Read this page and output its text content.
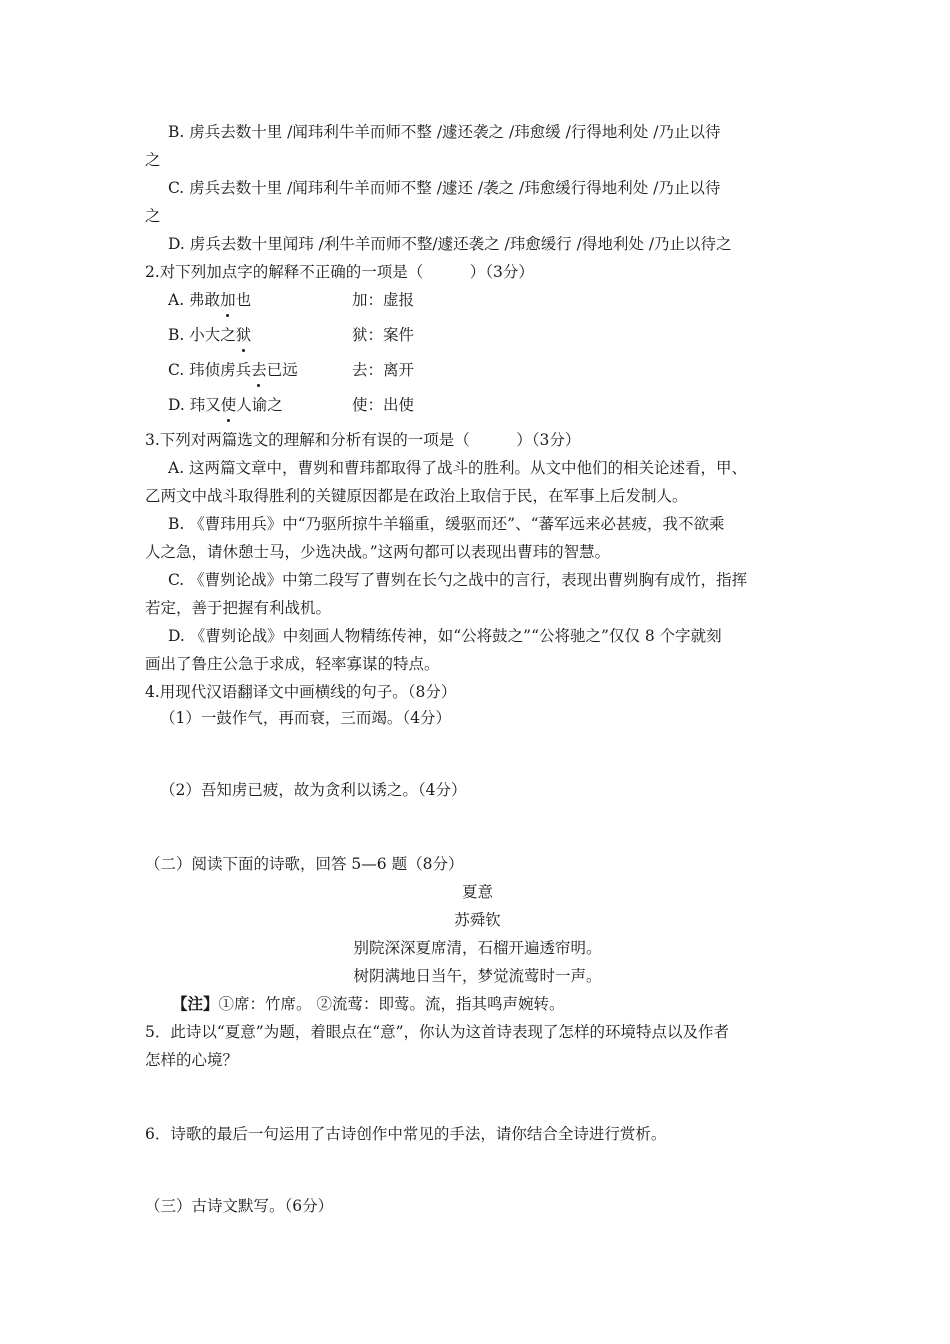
B. 虏兵去数十里 /闻玮利牛羊而师不整 /遽还袭之 /玮愈缓 /行得地利处 /乃止以待
之
C. 虏兵去数十里 /闻玮利牛羊而师不整 /遽还 /袭之 /玮愈缓行得地利处 /乃止以待
之
D. 虏兵去数十里闻玮 /利牛羊而师不整/遽还袭之 /玮愈缓行 /得地利处 /乃止以待之
2.对下列加点字的解释不正确的一项是（　　　）（3分）
A. 弗敢加也	加：虚报
B. 小大之狱	狱：案件
C. 玮侦虏兵去已远	去：离开
D. 玮又使人谕之	使：出使
3.下列对两篇选文的理解和分析有误的一项是（　　　）（3分）
A. 这两篇文章中，曹刿和曹玮都取得了战斗的胜利。从文中他们的相关论述看，甲、
乙两文中战斗取得胜利的关键原因都是在政治上取信于民，在军事上后发制人。
B. 《曹玮用兵》中“乃驱所掠牛羊辎重，缓驱而还”、“蕃军远来必甚疲，我不欲乘
人之急，请休憩士马，少选决战。”这两句都可以表现出曹玮的智慧。
C. 《曹刿论战》中第二段写了曹刿在长勺之战中的言行，表现出曹刿胸有成竹，指挥
若定，善于把握有利战机。
D. 《曹刿论战》中刻画人物精练传神，如“公将鼓之”“公将驰之”仅仅 8 个字就刻
画出了鲁庄公急于求成，轻率寡谋的特点。
4.用现代汉语翻译文中画横线的句子。（8分）
（1）一鼓作气，再而衰，三而竭。（4分）
（2）吾知虏已疲，故为贪利以诱之。（4分）
（二）阅读下面的诗歌，回答 5—6 题（8分）
夏意
苏舜钦
别院深深夏席清，石榴开遍透帘明。
树阴满地日当午，梦觉流莺时一声。
【注】①席：竹席。 ②流莺：即莺。流，指其鸣声婉转。
5．此诗以“夏意”为题，着眼点在“意”，你认为这首诗表现了怎样的环境特点以及作者
怎样的心境？
6．诗歌的最后一句运用了古诗创作中常见的手法，请你结合全诗进行赏析。
（三）古诗文默写。（6分）
